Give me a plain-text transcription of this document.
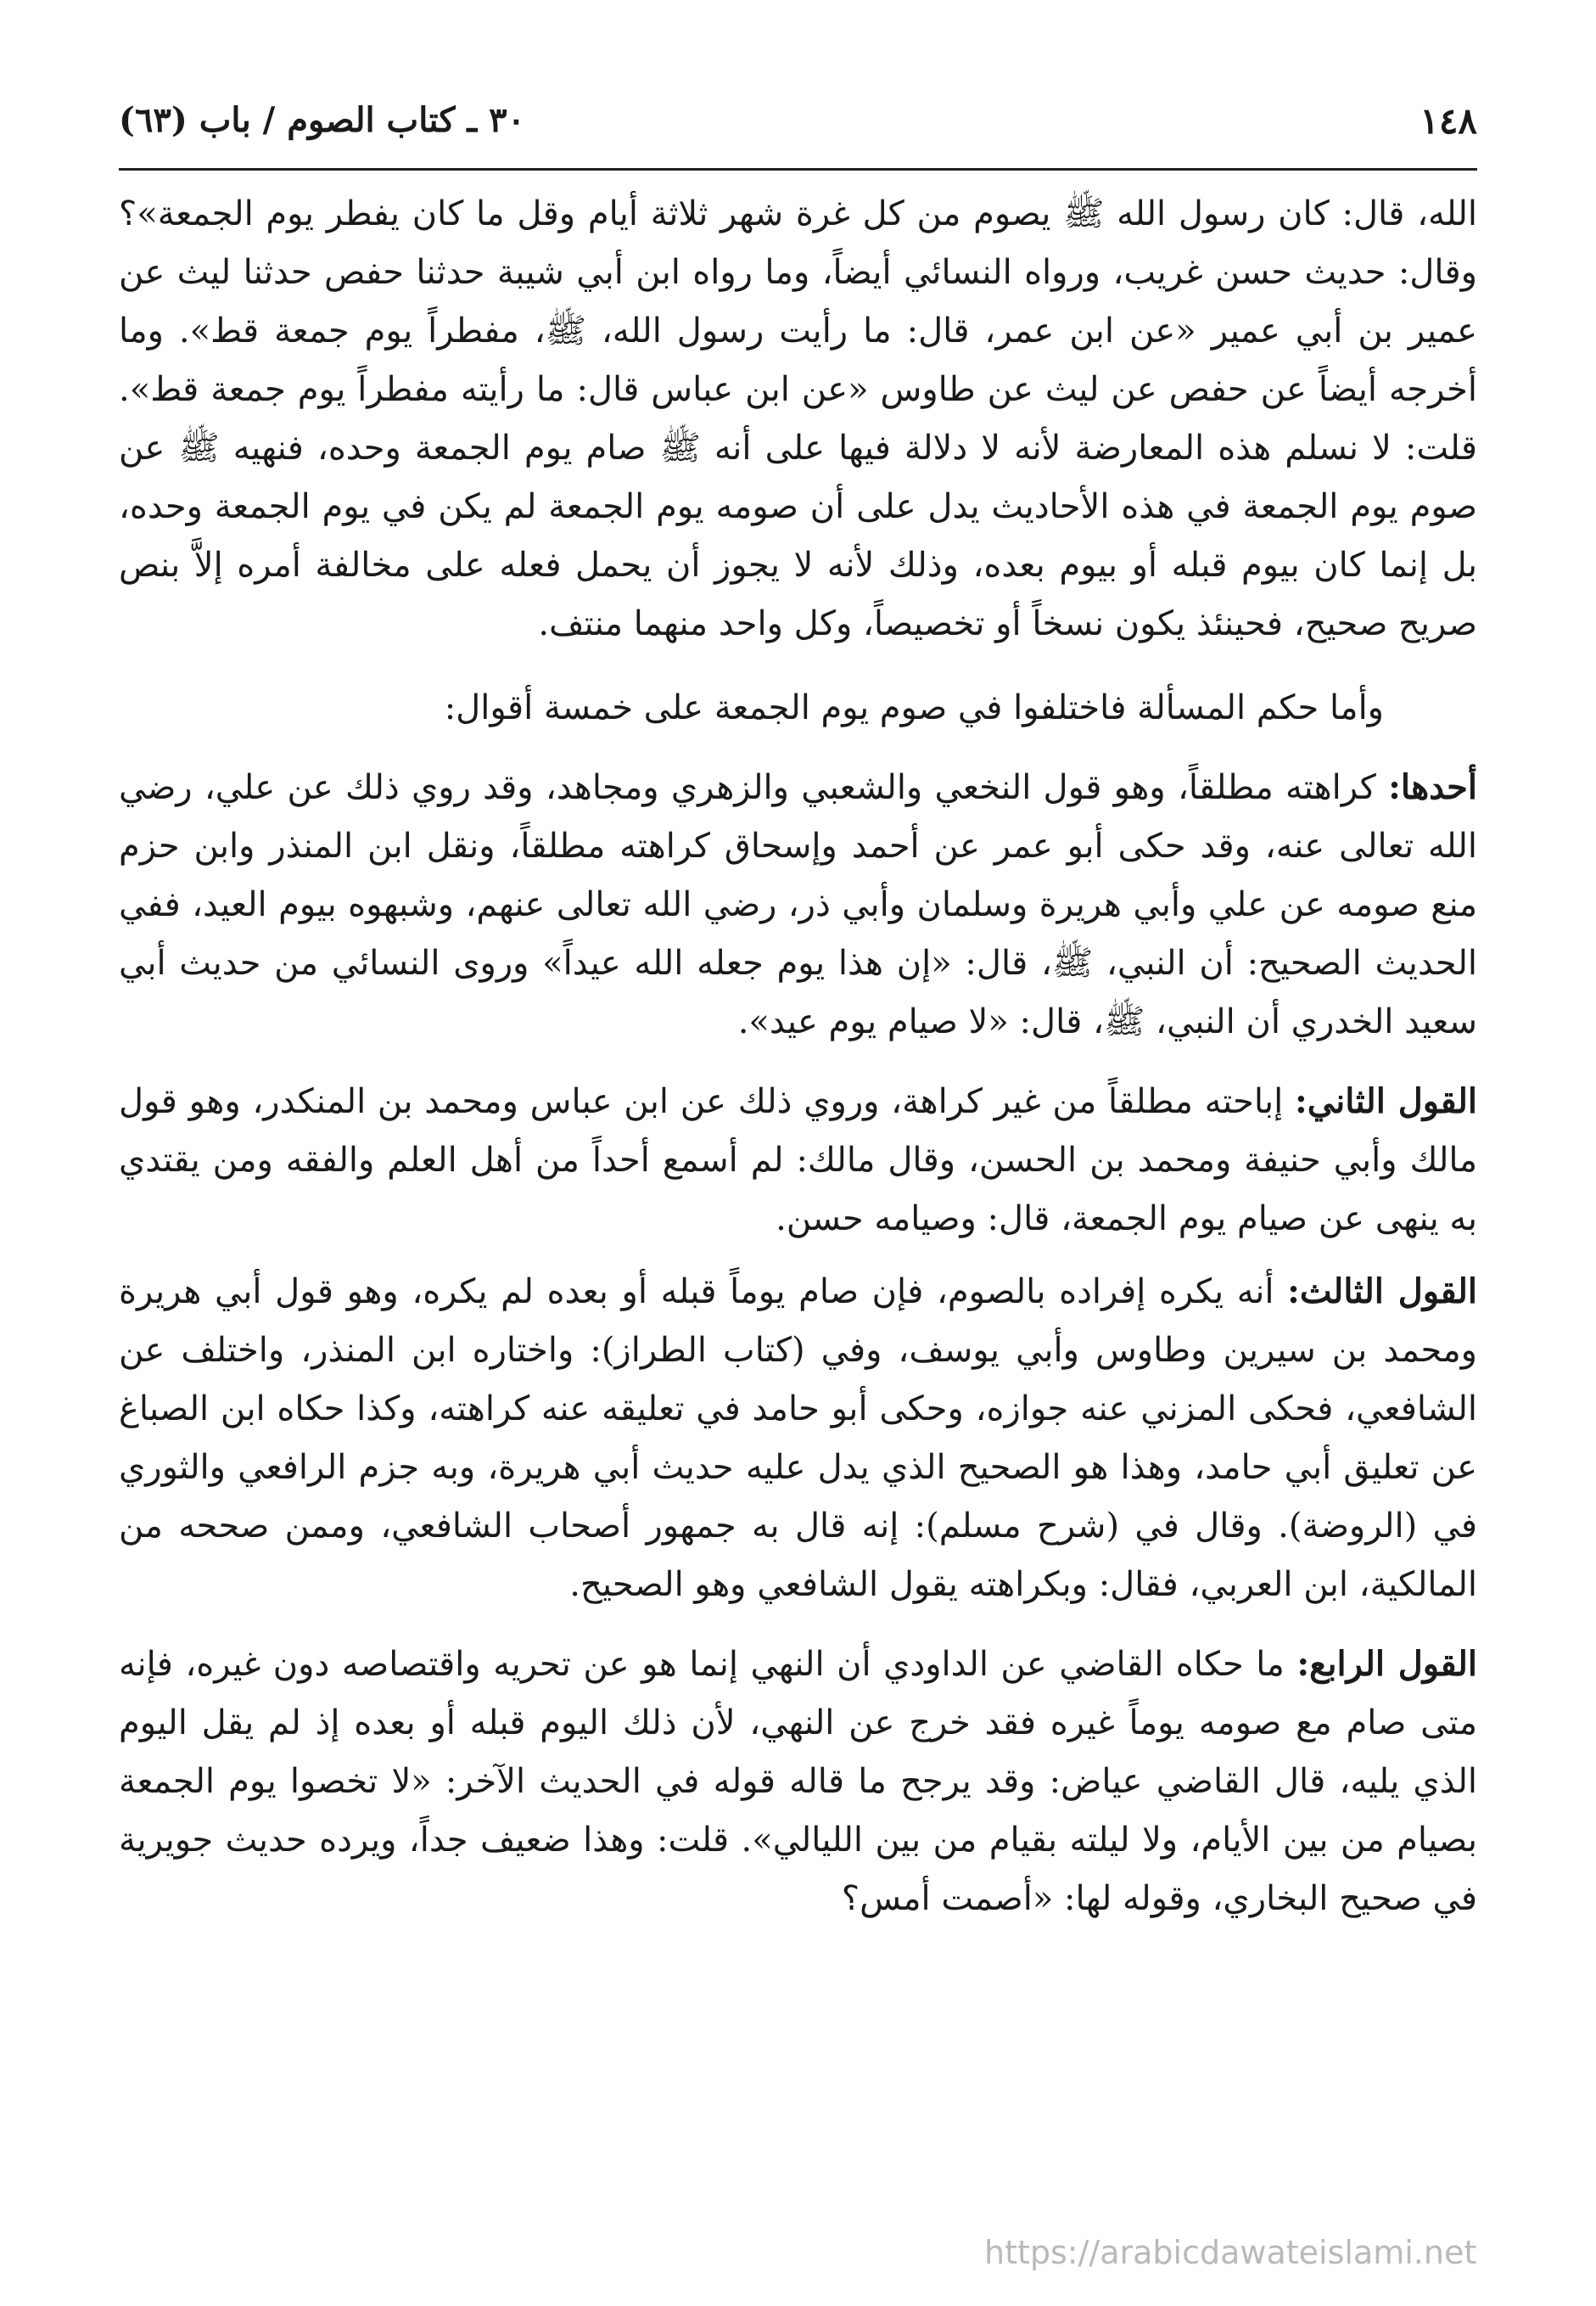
١٤٨
٣٠ ـ كتاب الصوم / باب (٦٣)

الله، قال: كان رسول الله ﷺ يصوم من كل غرة شهر ثلاثة أيام وقل ما كان يفطر يوم الجمعة»؟ وقال: حديث حسن غريب، ورواه النسائي أيضاً، وما رواه ابن أبي شيبة حدثنا حفص حدثنا ليث عن عمير بن أبي عمير «عن ابن عمر، قال: ما رأيت رسول الله، ﷺ، مفطراً يوم جمعة قط». وما أخرجه أيضاً عن حفص عن ليث عن طاوس «عن ابن عباس قال: ما رأيته مفطراً يوم جمعة قط». قلت: لا نسلم هذه المعارضة لأنه لا دلالة فيها على أنه ﷺ صام يوم الجمعة وحده، فنهيه ﷺ عن صوم يوم الجمعة في هذه الأحاديث يدل على أن صومه يوم الجمعة لم يكن في يوم الجمعة وحده، بل إنما كان بيوم قبله أو بيوم بعده، وذلك لأنه لا يجوز أن يحمل فعله على مخالفة أمره إلاَّ بنص صريح صحيح، فحينئذ يكون نسخاً أو تخصيصاً، وكل واحد منهما منتف.

وأما حكم المسألة فاختلفوا في صوم يوم الجمعة على خمسة أقوال:

أحدها: كراهته مطلقاً، وهو قول النخعي والشعبي والزهري ومجاهد، وقد روي ذلك عن علي، رضي الله تعالى عنه، وقد حكى أبو عمر عن أحمد وإسحاق كراهته مطلقاً، ونقل ابن المنذر وابن حزم منع صومه عن علي وأبي هريرة وسلمان وأبي ذر، رضي الله تعالى عنهم، وشبهوه بيوم العيد، ففي الحديث الصحيح: أن النبي، ﷺ، قال: «إن هذا يوم جعله الله عيداً» وروى النسائي من حديث أبي سعيد الخدري أن النبي، ﷺ، قال: «لا صيام يوم عيد».

القول الثاني: إباحته مطلقاً من غير كراهة، وروي ذلك عن ابن عباس ومحمد بن المنكدر، وهو قول مالك وأبي حنيفة ومحمد بن الحسن، وقال مالك: لم أسمع أحداً من أهل العلم والفقه ومن يقتدي به ينهى عن صيام يوم الجمعة، قال: وصيامه حسن.

القول الثالث: أنه يكره إفراده بالصوم، فإن صام يوماً قبله أو بعده لم يكره، وهو قول أبي هريرة ومحمد بن سيرين وطاوس وأبي يوسف، وفي (كتاب الطراز): واختاره ابن المنذر، واختلف عن الشافعي، فحكى المزني عنه جوازه، وحكى أبو حامد في تعليقه عنه كراهته، وكذا حكاه ابن الصباغ عن تعليق أبي حامد، وهذا هو الصحيح الذي يدل عليه حديث أبي هريرة، وبه جزم الرافعي والثوري في (الروضة). وقال في (شرح مسلم): إنه قال به جمهور أصحاب الشافعي، وممن صححه من المالكية، ابن العربي، فقال: وبكراهته يقول الشافعي وهو الصحيح.

القول الرابع: ما حكاه القاضي عن الداودي أن النهي إنما هو عن تحريه واقتصاصه دون غيره، فإنه متى صام مع صومه يوماً غيره فقد خرج عن النهي، لأن ذلك اليوم قبله أو بعده إذ لم يقل اليوم الذي يليه، قال القاضي عياض: وقد يرجح ما قاله قوله في الحديث الآخر: «لا تخصوا يوم الجمعة بصيام من بين الأيام، ولا ليلته بقيام من بين الليالي». قلت: وهذا ضعيف جداً، ويرده حديث جويرية في صحيح البخاري، وقوله لها: «أصمت أمس؟

https://arabicdawateislami.net
